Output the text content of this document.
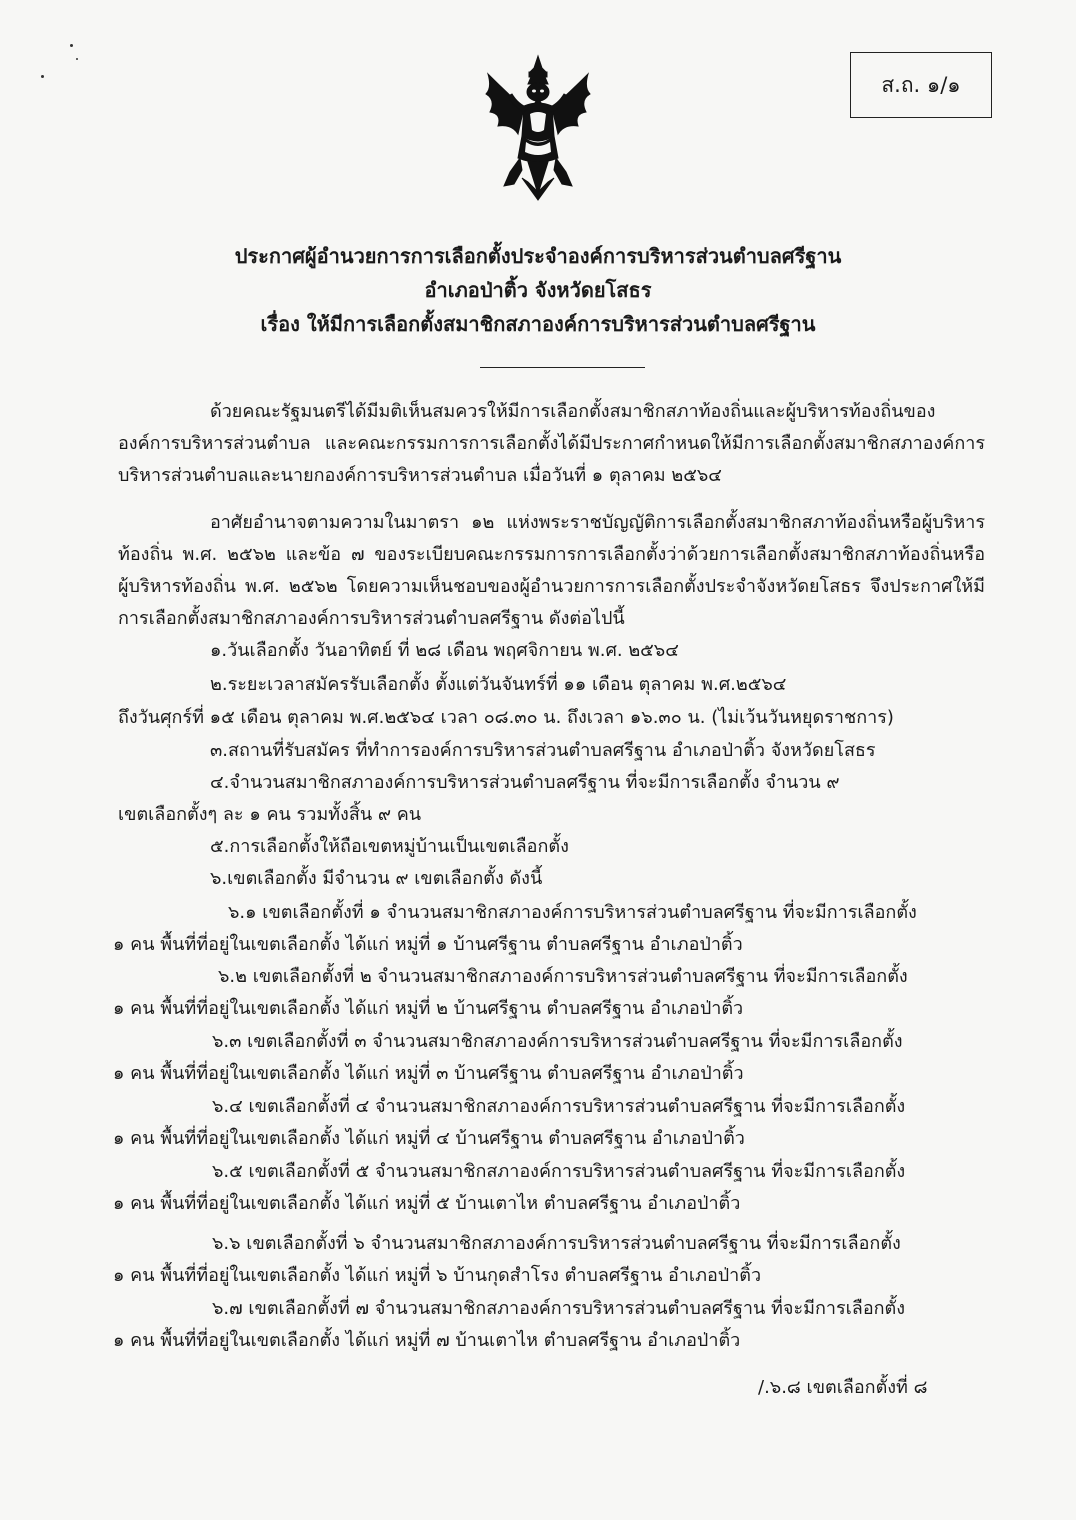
ส.ถ. ๑/๑

ประกาศผู้อำนวยการการเลือกตั้งประจำองค์การบริหารส่วนตำบลศรีฐาน

อำเภอป่าติ้ว จังหวัดยโสธร

เรื่อง ให้มีการเลือกตั้งสมาชิกสภาองค์การบริหารส่วนตำบลศรีฐาน

ด้วยคณะรัฐมนตรีได้มีมติเห็นสมควรให้มีการเลือกตั้งสมาชิกสภาท้องถิ่นและผู้บริหารท้องถิ่นของ

องค์การบริหารส่วนตำบล และคณะกรรมการการเลือกตั้งได้มีประกาศกำหนดให้มีการเลือกตั้งสมาชิกสภาองค์การ

บริหารส่วนตำบลและนายกองค์การบริหารส่วนตำบล เมื่อวันที่ ๑ ตุลาคม ๒๕๖๔

อาศัยอำนาจตามความในมาตรา ๑๒ แห่งพระราชบัญญัติการเลือกตั้งสมาชิกสภาท้องถิ่นหรือผู้บริหาร

ท้องถิ่น พ.ศ. ๒๕๖๒ และข้อ ๗ ของระเบียบคณะกรรมการการเลือกตั้งว่าด้วยการเลือกตั้งสมาชิกสภาท้องถิ่นหรือ

ผู้บริหารท้องถิ่น พ.ศ. ๒๕๖๒ โดยความเห็นชอบของผู้อำนวยการการเลือกตั้งประจำจังหวัดยโสธร จึงประกาศให้มี

การเลือกตั้งสมาชิกสภาองค์การบริหารส่วนตำบลศรีฐาน ดังต่อไปนี้

๑.วันเลือกตั้ง วันอาทิตย์ ที่ ๒๘ เดือน พฤศจิกายน พ.ศ. ๒๕๖๔

๒.ระยะเวลาสมัครรับเลือกตั้ง ตั้งแต่วันจันทร์ที่ ๑๑ เดือน ตุลาคม พ.ศ.๒๕๖๔

ถึงวันศุกร์ที่ ๑๕ เดือน ตุลาคม พ.ศ.๒๕๖๔ เวลา ๐๘.๓๐ น. ถึงเวลา ๑๖.๓๐ น. (ไม่เว้นวันหยุดราชการ)

๓.สถานที่รับสมัคร ที่ทำการองค์การบริหารส่วนตำบลศรีฐาน อำเภอป่าติ้ว จังหวัดยโสธร

๔.จำนวนสมาชิกสภาองค์การบริหารส่วนตำบลศรีฐาน ที่จะมีการเลือกตั้ง จำนวน ๙

เขตเลือกตั้งๆ ละ ๑ คน รวมทั้งสิ้น ๙ คน

๕.การเลือกตั้งให้ถือเขตหมู่บ้านเป็นเขตเลือกตั้ง

๖.เขตเลือกตั้ง มีจำนวน ๙ เขตเลือกตั้ง ดังนี้

๖.๑ เขตเลือกตั้งที่ ๑ จำนวนสมาชิกสภาองค์การบริหารส่วนตำบลศรีฐาน ที่จะมีการเลือกตั้ง

๑ คน พื้นที่ที่อยู่ในเขตเลือกตั้ง ได้แก่ หมู่ที่ ๑ บ้านศรีฐาน ตำบลศรีฐาน อำเภอป่าติ้ว

๖.๒ เขตเลือกตั้งที่ ๒ จำนวนสมาชิกสภาองค์การบริหารส่วนตำบลศรีฐาน ที่จะมีการเลือกตั้ง

๑ คน พื้นที่ที่อยู่ในเขตเลือกตั้ง ได้แก่ หมู่ที่ ๒ บ้านศรีฐาน ตำบลศรีฐาน อำเภอป่าติ้ว

๖.๓ เขตเลือกตั้งที่ ๓ จำนวนสมาชิกสภาองค์การบริหารส่วนตำบลศรีฐาน ที่จะมีการเลือกตั้ง

๑ คน พื้นที่ที่อยู่ในเขตเลือกตั้ง ได้แก่ หมู่ที่ ๓ บ้านศรีฐาน ตำบลศรีฐาน อำเภอป่าติ้ว

๖.๔ เขตเลือกตั้งที่ ๔ จำนวนสมาชิกสภาองค์การบริหารส่วนตำบลศรีฐาน ที่จะมีการเลือกตั้ง

๑ คน พื้นที่ที่อยู่ในเขตเลือกตั้ง ได้แก่ หมู่ที่ ๔ บ้านศรีฐาน ตำบลศรีฐาน อำเภอป่าติ้ว

๖.๕ เขตเลือกตั้งที่ ๕ จำนวนสมาชิกสภาองค์การบริหารส่วนตำบลศรีฐาน ที่จะมีการเลือกตั้ง

๑ คน พื้นที่ที่อยู่ในเขตเลือกตั้ง ได้แก่ หมู่ที่ ๕ บ้านเตาไห ตำบลศรีฐาน อำเภอป่าติ้ว

๖.๖ เขตเลือกตั้งที่ ๖ จำนวนสมาชิกสภาองค์การบริหารส่วนตำบลศรีฐาน ที่จะมีการเลือกตั้ง

๑ คน พื้นที่ที่อยู่ในเขตเลือกตั้ง ได้แก่ หมู่ที่ ๖ บ้านกุดสำโรง ตำบลศรีฐาน อำเภอป่าติ้ว

๖.๗ เขตเลือกตั้งที่ ๗ จำนวนสมาชิกสภาองค์การบริหารส่วนตำบลศรีฐาน ที่จะมีการเลือกตั้ง

๑ คน พื้นที่ที่อยู่ในเขตเลือกตั้ง ได้แก่ หมู่ที่ ๗ บ้านเตาไห ตำบลศรีฐาน อำเภอป่าติ้ว

/.๖.๘ เขตเลือกตั้งที่ ๘
